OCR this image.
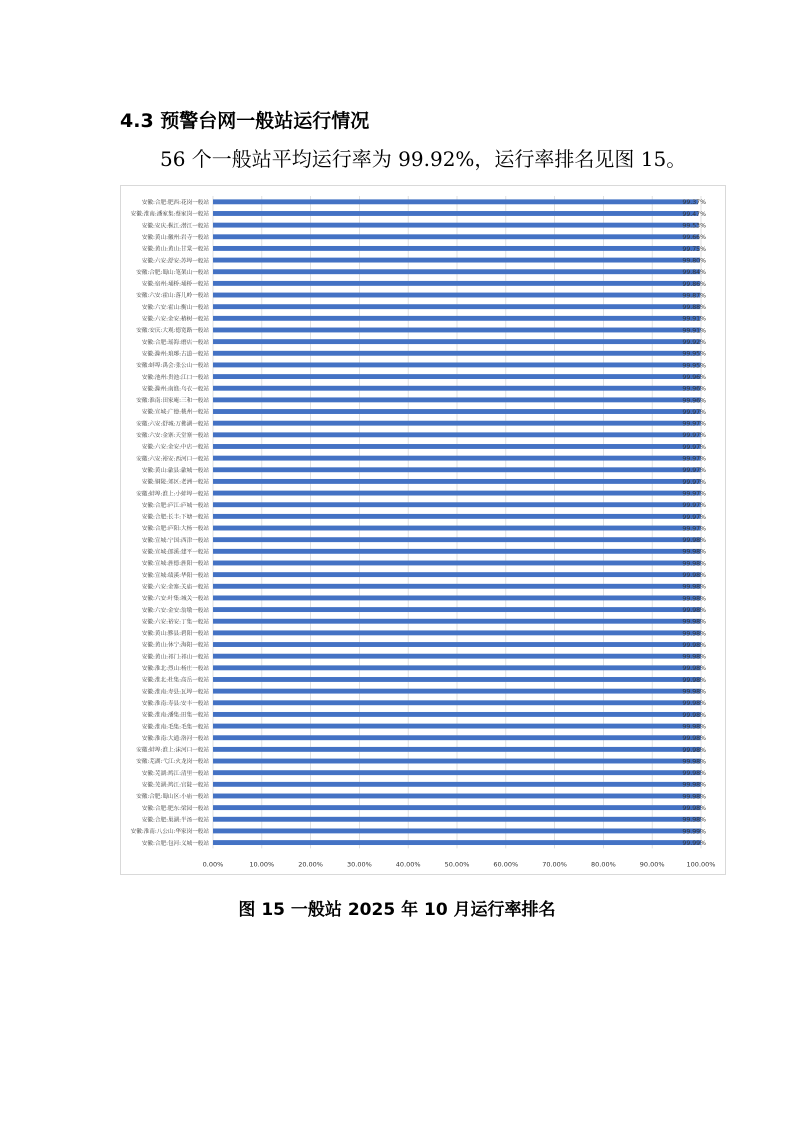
4.3 预警台网一般站运行情况
56 个一般站平均运行率为 99.92%，运行率排名见图 15。
安徽:合肥:肥西:花岗一般站	99.37%
安徽:淮南:潘家集:蔡家岗一般站	99.47%
安徽:安庆:枞江:潜江一般站	99.53%
安徽:黄山:徽州:岩寺一般站	99.66%
安徽:黄山:黄山:甘棠一般站	99.75%
安徽:六安:舒安:苏埠一般站	99.80%
安徽:合肥:蜀山:笔架山一般站	99.84%
安徽:宿州:埇桥:埇桥一般站	99.86%
安徽:六安:霍山:落儿岭一般站	99.87%
安徽:六安:霍山:衡山一般站	99.88%
安徽:六安:金安:椿树一般站	99.91%
安徽:安庆:大观:德宽路一般站	99.91%
安徽:合肥:瑶海:磨店一般站	99.92%
安徽:滁州:琅琊:古道一般站	99.95%
安徽:蚌埠:禹会:张公山一般站	99.95%
安徽:池州:贵池:江口一般站	99.96%
安徽:滁州:南谯:乌衣一般站	99.96%
安徽:淮南:田家庵:三和一般站	99.96%
安徽:宣城:广德:桃州一般站	99.97%
安徽:六安:舒城:万佛湖一般站	99.97%
安徽:六安:金寨:天堂寨一般站	99.97%
安徽:六安:金安:中店一般站	99.97%
安徽:六安:裕安:西河口一般站	99.97%
安徽:黄山:歙县:歙城一般站	99.97%
安徽:铜陵:郊区:老洲一般站	99.97%
安徽:蚌埠:淮上:小蚌埠一般站	99.97%
安徽:合肥:庐江:庐城一般站	99.97%
安徽:合肥:长丰:下塘一般站	99.97%
安徽:合肥:庐阳:大杨一般站	99.97%
安徽:宣城:宁国:西津一般站	99.98%
安徽:宣城:郎溪:建平一般站	99.98%
安徽:宣城:旌德:旌阳一般站	99.98%
安徽:宣城:绩溪:华阳一般站	99.98%
安徽:六安:金寨:关庙一般站	99.98%
安徽:六安:叶集:城关一般站	99.98%
安徽:六安:金安:翁墩一般站	99.98%
安徽:六安:裕安:丁集一般站	99.98%
安徽:黄山:黟县:碧阳一般站	99.98%
安徽:黄山:休宁:海阳一般站	99.98%
安徽:黄山:祁门:祁山一般站	99.98%
安徽:淮北:烈山:杨庄一般站	99.98%
安徽:淮北:杜集:高岳一般站	99.98%
安徽:淮南:寿县:瓦埠一般站	99.98%
安徽:淮南:寿县:安丰一般站	99.98%
安徽:淮南:潘集:田集一般站	99.98%
安徽:淮南:毛集:毛集一般站	99.98%
安徽:淮南:大通:洛河一般站	99.98%
安徽:蚌埠:淮上:沫河口一般站	99.98%
安徽:芜湖:弋江:火龙岗一般站	99.98%
安徽:芜湖:鸠江:清里一般站	99.98%
安徽:芜湖:鸠江:官陡一般站	99.98%
安徽:合肥:蜀山区:小庙一般站	99.98%
安徽:合肥:肥东:梁园一般站	99.98%
安徽:合肥:巢湖:半汤一般站	99.98%
安徽:淮南:八公山:华家岗一般站	99.99%
安徽:合肥:包河:义城一般站	99.99%
0.00%	10.00%	20.00%	30.00%	40.00%	50.00%	60.00%	70.00%	80.00%	90.00%	100.00%
图 15 一般站 2025 年 10 月运行率排名
